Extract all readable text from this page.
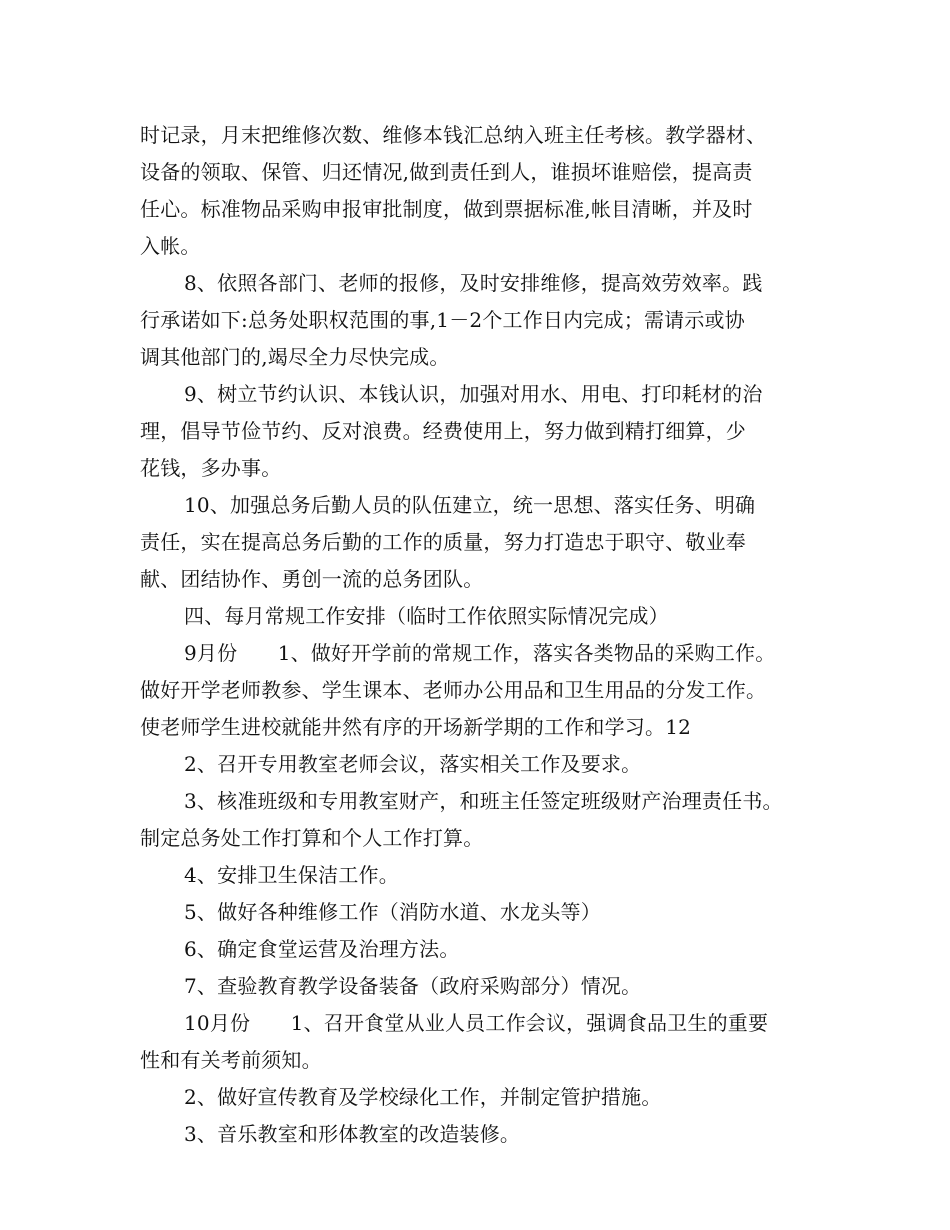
时记录，月末把维修次数、维修本钱汇总纳入班主任考核。教学器材、
设备的领取、保管、归还情况,做到责任到人，谁损坏谁赔偿，提高责
任心。标准物品采购申报审批制度，做到票据标准,帐目清晰，并及时
入帐。
8、依照各部门、老师的报修，及时安排维修，提高效劳效率。践
行承诺如下:总务处职权范围的事,1－2个工作日内完成；需请示或协
调其他部门的,竭尽全力尽快完成。
9、树立节约认识、本钱认识，加强对用水、用电、打印耗材的治
理，倡导节俭节约、反对浪费。经费使用上，努力做到精打细算，少
花钱，多办事。
10、加强总务后勤人员的队伍建立，统一思想、落实任务、明确
责任，实在提高总务后勤的工作的质量，努力打造忠于职守、敬业奉
献、团结协作、勇创一流的总务团队。
四、每月常规工作安排（临时工作依照实际情况完成）
9月份　　1、做好开学前的常规工作，落实各类物品的采购工作。
做好开学老师教参、学生课本、老师办公用品和卫生用品的分发工作。
使老师学生进校就能井然有序的开场新学期的工作和学习。12
2、召开专用教室老师会议，落实相关工作及要求。
3、核准班级和专用教室财产，和班主任签定班级财产治理责任书。
制定总务处工作打算和个人工作打算。
4、安排卫生保洁工作。
5、做好各种维修工作（消防水道、水龙头等）
6、确定食堂运营及治理方法。
7、查验教育教学设备装备（政府采购部分）情况。
10月份　　1、召开食堂从业人员工作会议，强调食品卫生的重要
性和有关考前须知。
2、做好宣传教育及学校绿化工作，并制定管护措施。
3、音乐教室和形体教室的改造装修。
